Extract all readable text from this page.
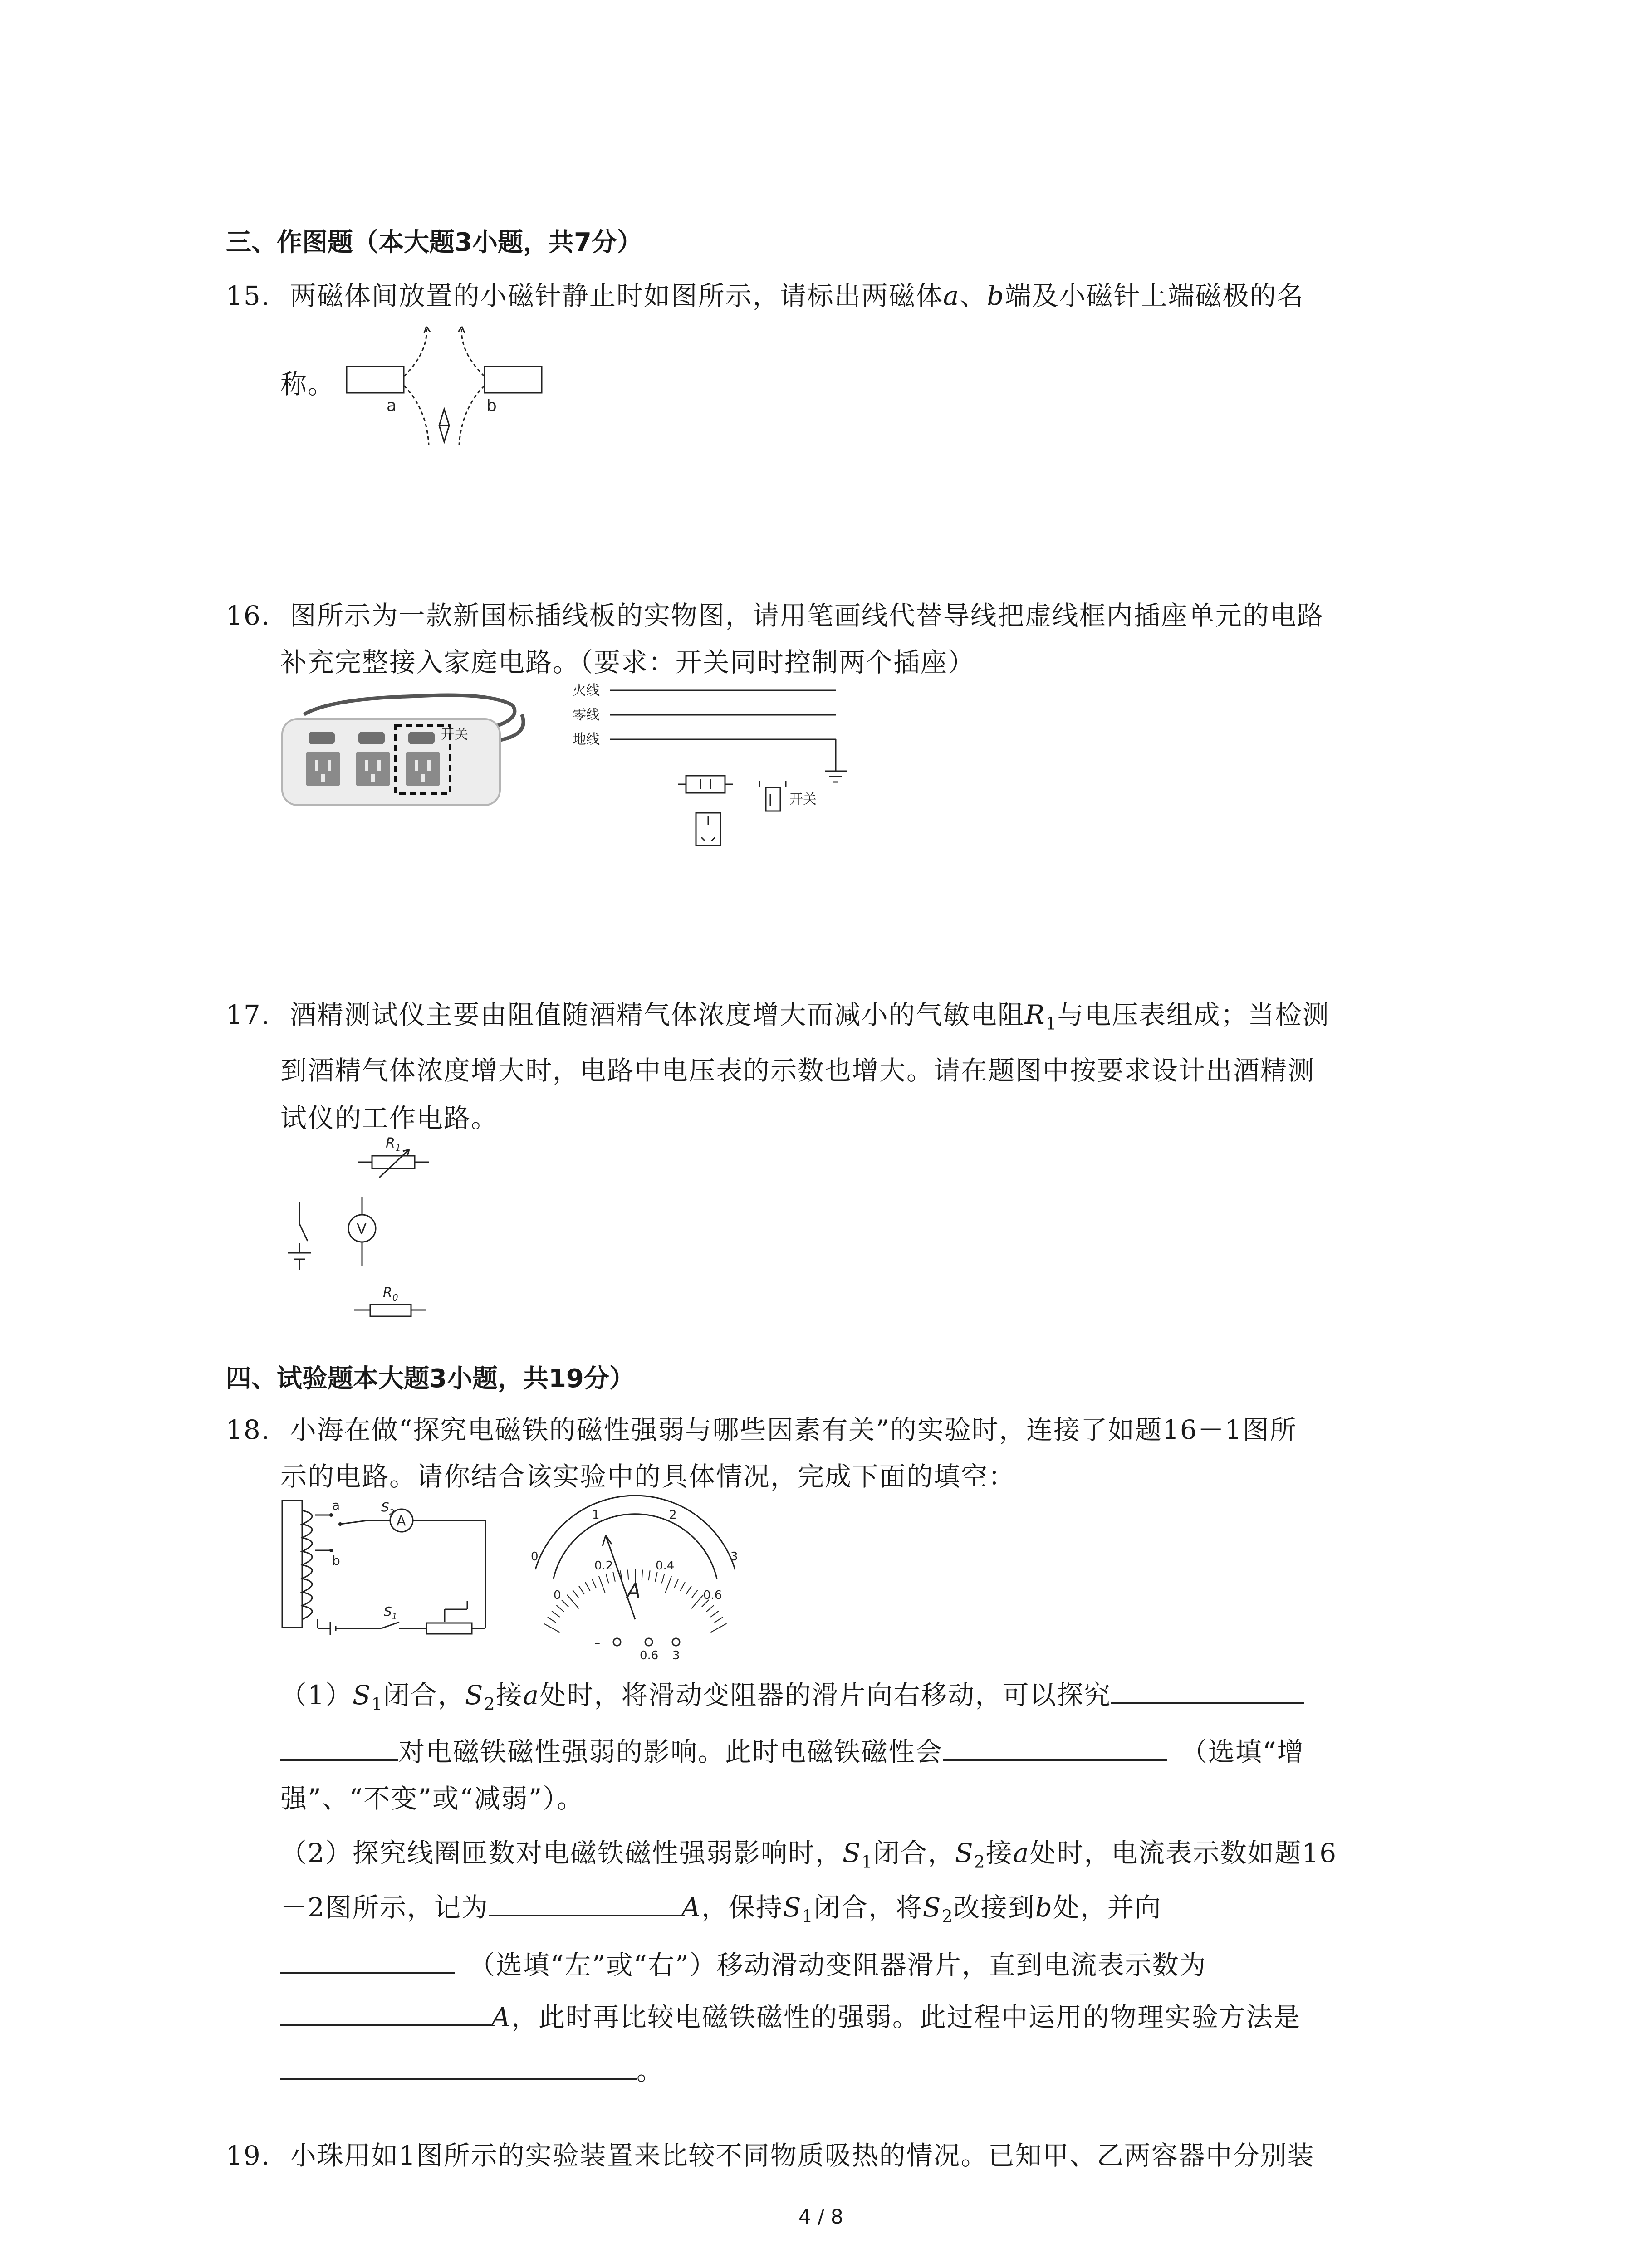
三、作图题（本大题3小题，共7分）
15. 两磁体间放置的小磁针静止时如图所示，请标出两磁体a、b端及小磁针上端磁极的名
称。
a	b
16. 图所示为一款新国标插线板的实物图，请用笔画线代替导线把虚线框内插座单元的电路
补充完整接入家庭电路。（要求：开关同时控制两个插座）
开关
火线
零线
地线
开关
17. 酒精测试仪主要由阻值随酒精气体浓度增大而减小的气敏电阻$R_1$与电压表组成；当检测
到酒精气体浓度增大时，电路中电压表的示数也增大。请在题图中按要求设计出酒精测
试仪的工作电路。
V
$R_1$
$R_0$
四、试验题本大题3小题，共19分）
18. 小海在做“探究电磁铁的磁性强弱与哪些因素有关”的实验时，连接了如题16－1图所
示的电路。请你结合该实验中的具体情况，完成下面的填空：
a
b
A
$S_2$
$S_1$
0
1	2
3
0
0.2	0.4
0.6
A
–
0.6 3
$(1)S_1$闭合，$S_2$接a处时，将滑动变阻器的滑片向右移动，可以探究
对电磁铁磁性强弱的影响。此时电磁铁磁性会	（选填“增
强”、“不变”或“减弱”）。
（2）探究线圈匝数对电磁铁磁性强弱影响时，$S_1$闭合，$S_2$接a处时，电流表示数如题16
－2图所示，记为	A，保持$S_1$闭合，将$S_2$改接到b处，并向
（选填“左”或“右”）移动滑动变阻器滑片，直到电流表示数为
A，此时再比较电磁铁磁性的强弱。此过程中运用的物理实验方法是
。
19. 小珠用如1图所示的实验装置来比较不同物质吸热的情况。已知甲、乙两容器中分别装
4 / 8
